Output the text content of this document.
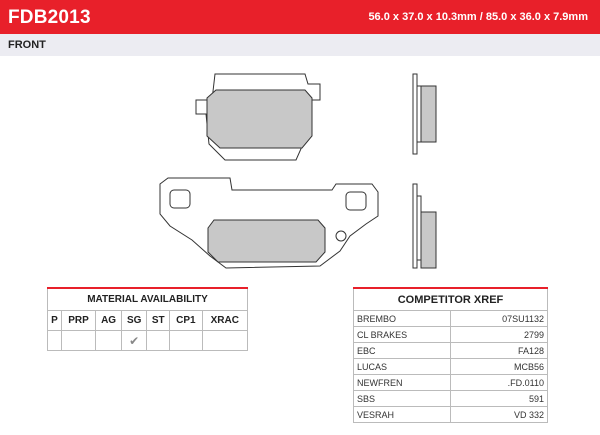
FDB2013	56.0 x 37.0 x 10.3mm / 85.0 x 36.0 x 7.9mm
FRONT
MATERIAL AVAILABILITY						
P	PRP	AG	SG	ST	CP1	XRAC
			✔			
COMPETITOR XREF	
BREMBO	07SU1132
CL BRAKES	2799
EBC	FA128
LUCAS	MCB56
NEWFREN	.FD.0110
SBS	591
VESRAH	VD 332
